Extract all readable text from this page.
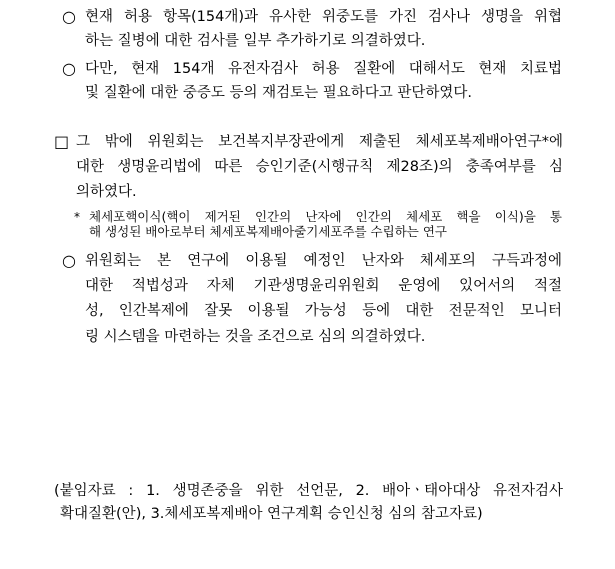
○ 현재 허용 항목(154개)과 유사한 위중도를 가진 검사나 생명을 위협
하는 질병에 대한 검사를 일부 추가하기로 의결하였다.
○ 다만, 현재 154개 유전자검사 허용 질환에 대해서도 현재 치료법
및 질환에 대한 중증도 등의 재검토는 필요하다고 판단하였다.
□ 그 밖에 위원회는 보건복지부장관에게 제출된 체세포복제배아연구*에
대한 생명윤리법에 따른 승인기준(시행규칙 제28조)의 충족여부를 심
의하였다.
* 체세포핵이식(핵이 제거된 인간의 난자에 인간의 체세포 핵을 이식)을 통
해 생성된 배아로부터 체세포복제배아줄기세포주를 수립하는 연구
○ 위원회는 본 연구에 이용될 예정인 난자와 체세포의 구득과정에
대한 적법성과 자체 기관생명윤리위원회 운영에 있어서의 적절
성, 인간복제에 잘못 이용될 가능성 등에 대한 전문적인 모니터
링 시스템을 마련하는 것을 조건으로 심의 의결하였다.
(붙임자료 : 1. 생명존중을 위한 선언문, 2. 배아ㆍ태아대상 유전자검사
확대질환(안), 3.체세포복제배아 연구계획 승인신청 심의 참고자료)
